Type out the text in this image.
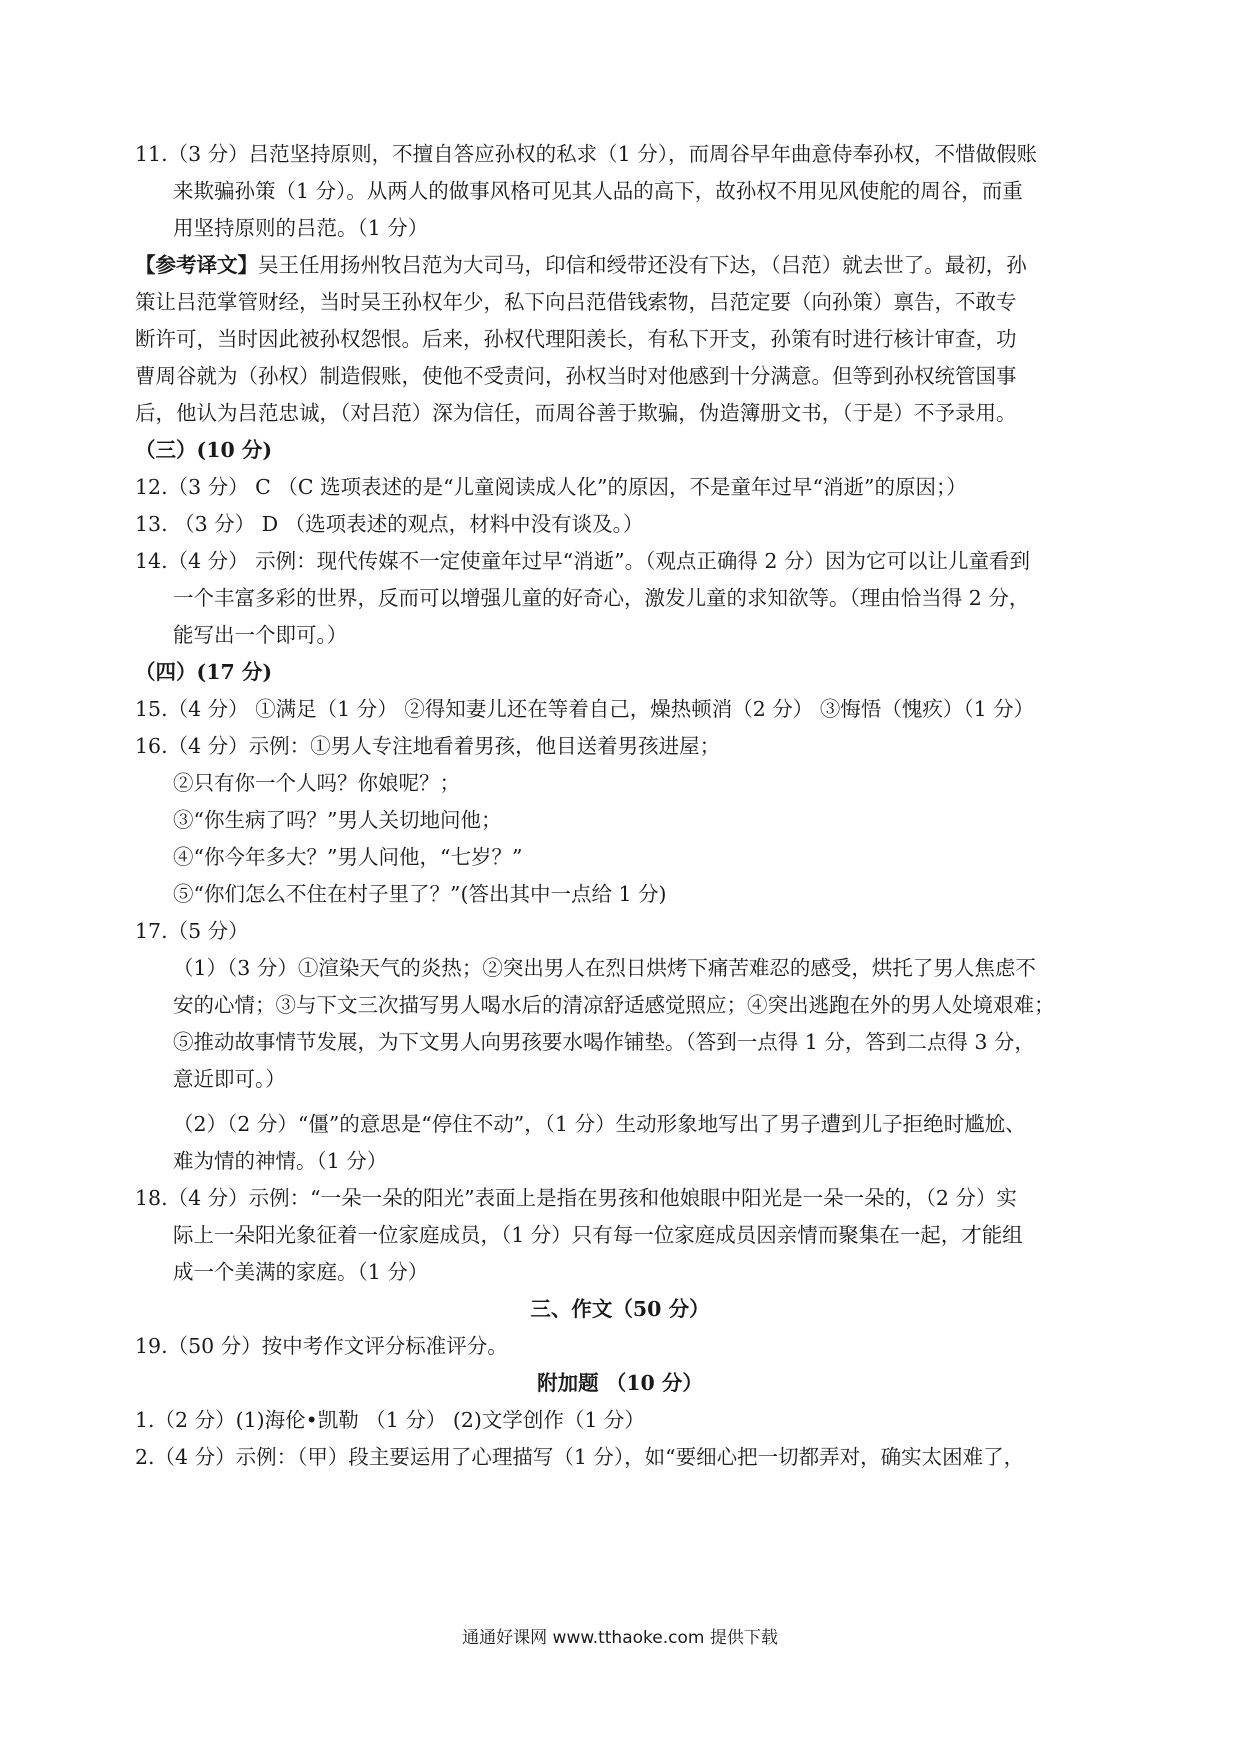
11.（3 分）吕范坚持原则，不擅自答应孙权的私求（1 分），而周谷早年曲意侍奉孙权，不惜做假账
来欺骗孙策（1 分）。从两人的做事风格可见其人品的高下，故孙权不用见风使舵的周谷，而重
用坚持原则的吕范。（1 分）
【参考译文】吴王任用扬州牧吕范为大司马，印信和绶带还没有下达，（吕范）就去世了。最初，孙
策让吕范掌管财经，当时吴王孙权年少，私下向吕范借钱索物，吕范定要（向孙策）禀告，不敢专
断许可，当时因此被孙权怨恨。后来，孙权代理阳羡长，有私下开支，孙策有时进行核计审查，功
曹周谷就为（孙权）制造假账，使他不受责问，孙权当时对他感到十分满意。但等到孙权统管国事
后，他认为吕范忠诚，（对吕范）深为信任，而周谷善于欺骗，伪造簿册文书，（于是）不予录用。
（三）(10 分)
12.（3 分） C （C 选项表述的是“儿童阅读成人化”的原因，不是童年过早“消逝”的原因；）
13. （3 分） D （选项表述的观点，材料中没有谈及。）
14.（4 分） 示例：现代传媒不一定使童年过早“消逝”。（观点正确得 2 分）因为它可以让儿童看到
一个丰富多彩的世界，反而可以增强儿童的好奇心，激发儿童的求知欲等。（理由恰当得 2 分，
能写出一个即可。）
（四）(17 分)
15.（4 分） ①满足（1 分） ②得知妻儿还在等着自己，燥热顿消（2 分） ③悔悟（愧疚）（1 分）
16.（4 分）示例：①男人专注地看着男孩，他目送着男孩进屋；
②只有你一个人吗？你娘呢？；
③“你生病了吗？”男人关切地问他；
④“你今年多大？”男人问他，“七岁？”
⑤“你们怎么不住在村子里了？”(答出其中一点给 1 分)
17.（5 分）
（1）（3 分）①渲染天气的炎热；②突出男人在烈日烘烤下痛苦难忍的感受，烘托了男人焦虑不
安的心情；③与下文三次描写男人喝水后的清凉舒适感觉照应；④突出逃跑在外的男人处境艰难；
⑤推动故事情节发展，为下文男人向男孩要水喝作铺垫。（答到一点得 1 分，答到二点得 3 分，
意近即可。）
（2）（2 分）“僵”的意思是“停住不动”，（1 分）生动形象地写出了男子遭到儿子拒绝时尴尬、
难为情的神情。（1 分）
18.（4 分）示例：“一朵一朵的阳光”表面上是指在男孩和他娘眼中阳光是一朵一朵的，（2 分）实
际上一朵阳光象征着一位家庭成员，（1 分）只有每一位家庭成员因亲情而聚集在一起，才能组
成一个美满的家庭。（1 分）
三、作文（50 分）
19.（50 分）按中考作文评分标准评分。
附加题 （10 分）
1.（2 分）(1)海伦•凯勒 （1 分） (2)文学创作（1 分）
2.（4 分）示例：（甲）段主要运用了心理描写（1 分），如“要细心把一切都弄对，确实太困难了，
通通好课网 www.tthaoke.com 提供下载
